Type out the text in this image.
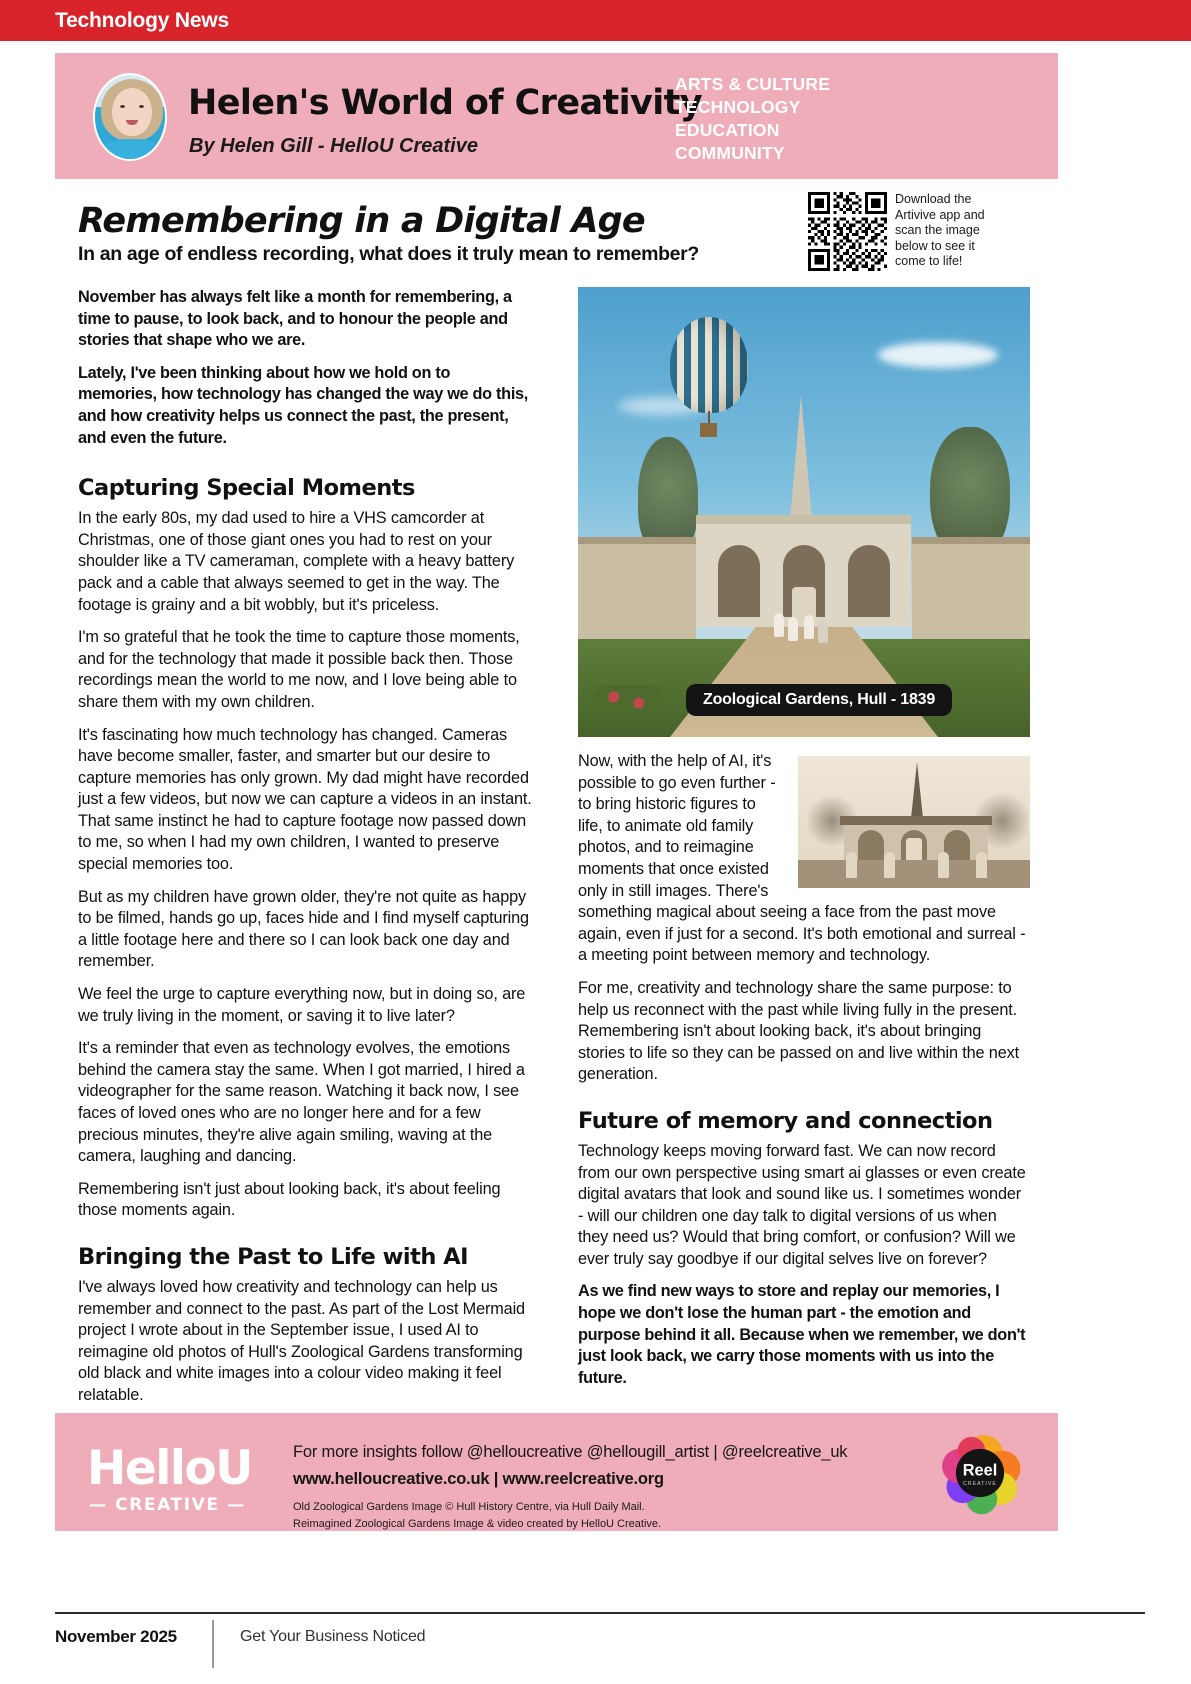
Technology News
Helen's World of Creativity
By Helen Gill - HelloU Creative
ARTS & CULTURE
TECHNOLOGY
EDUCATION
COMMUNITY
Remembering in a Digital Age
In an age of endless recording, what does it truly mean to remember?
Download the Artivive app and scan the image below to see it come to life!

November has always felt like a month for remembering, a time to pause, to look back, and to honour the people and stories that shape who we are.

Lately, I've been thinking about how we hold on to memories, how technology has changed the way we do this, and how creativity helps us connect the past, the present, and even the future.

Capturing Special Moments

In the early 80s, my dad used to hire a VHS camcorder at Christmas, one of those giant ones you had to rest on your shoulder like a TV cameraman, complete with a heavy battery pack and a cable that always seemed to get in the way. The footage is grainy and a bit wobbly, but it's priceless.

I'm so grateful that he took the time to capture those moments, and for the technology that made it possible back then. Those recordings mean the world to me now, and I love being able to share them with my own children.

It's fascinating how much technology has changed. Cameras have become smaller, faster, and smarter but our desire to capture memories has only grown. My dad might have recorded just a few videos, but now we can capture a videos in an instant. That same instinct he had to capture footage now passed down to me, so when I had my own children, I wanted to preserve special memories too.

But as my children have grown older, they're not quite as happy to be filmed, hands go up, faces hide and I find myself capturing a little footage here and there so I can look back one day and remember.

We feel the urge to capture everything now, but in doing so, are we truly living in the moment, or saving it to live later?

It's a reminder that even as technology evolves, the emotions behind the camera stay the same. When I got married, I hired a videographer for the same reason. Watching it back now, I see faces of loved ones who are no longer here and for a few precious minutes, they're alive again smiling, waving at the camera, laughing and dancing.

Remembering isn't just about looking back, it's about feeling those moments again.

Bringing the Past to Life with AI

I've always loved how creativity and technology can help us remember and connect to the past. As part of the Lost Mermaid project I wrote about in the September issue, I used AI to reimagine old photos of Hull's Zoological Gardens transforming old black and white images into a colour video making it feel relatable.

Zoological Gardens, Hull - 1839

Now, with the help of AI, it's possible to go even further - to bring historic figures to life, to animate old family photos, and to reimagine moments that once existed only in still images. There's something magical about seeing a face from the past move again, even if just for a second. It's both emotional and surreal - a meeting point between memory and technology.

For me, creativity and technology share the same purpose: to help us reconnect with the past while living fully in the present. Remembering isn't about looking back, it's about bringing stories to life so they can be passed on and live within the next generation.

Future of memory and connection

Technology keeps moving forward fast. We can now record from our own perspective using smart ai glasses or even create digital avatars that look and sound like us. I sometimes wonder - will our children one day talk to digital versions of us when they need us? Would that bring comfort, or confusion? Will we ever truly say goodbye if our digital selves live on forever?

As we find new ways to store and replay our memories, I hope we don't lose the human part - the emotion and purpose behind it all. Because when we remember, we don't just look back, we carry those moments with us into the future.

HelloU
— CREATIVE —
For more insights follow @helloucreative @hellougill_artist | @reelcreative_uk
www.helloucreative.co.uk | www.reelcreative.org
Old Zoological Gardens Image © Hull History Centre, via Hull Daily Mail.
Reimagined Zoological Gardens Image & video created by HelloU Creative.
Reel
CREATIVE
November 2025	Get Your Business Noticed
